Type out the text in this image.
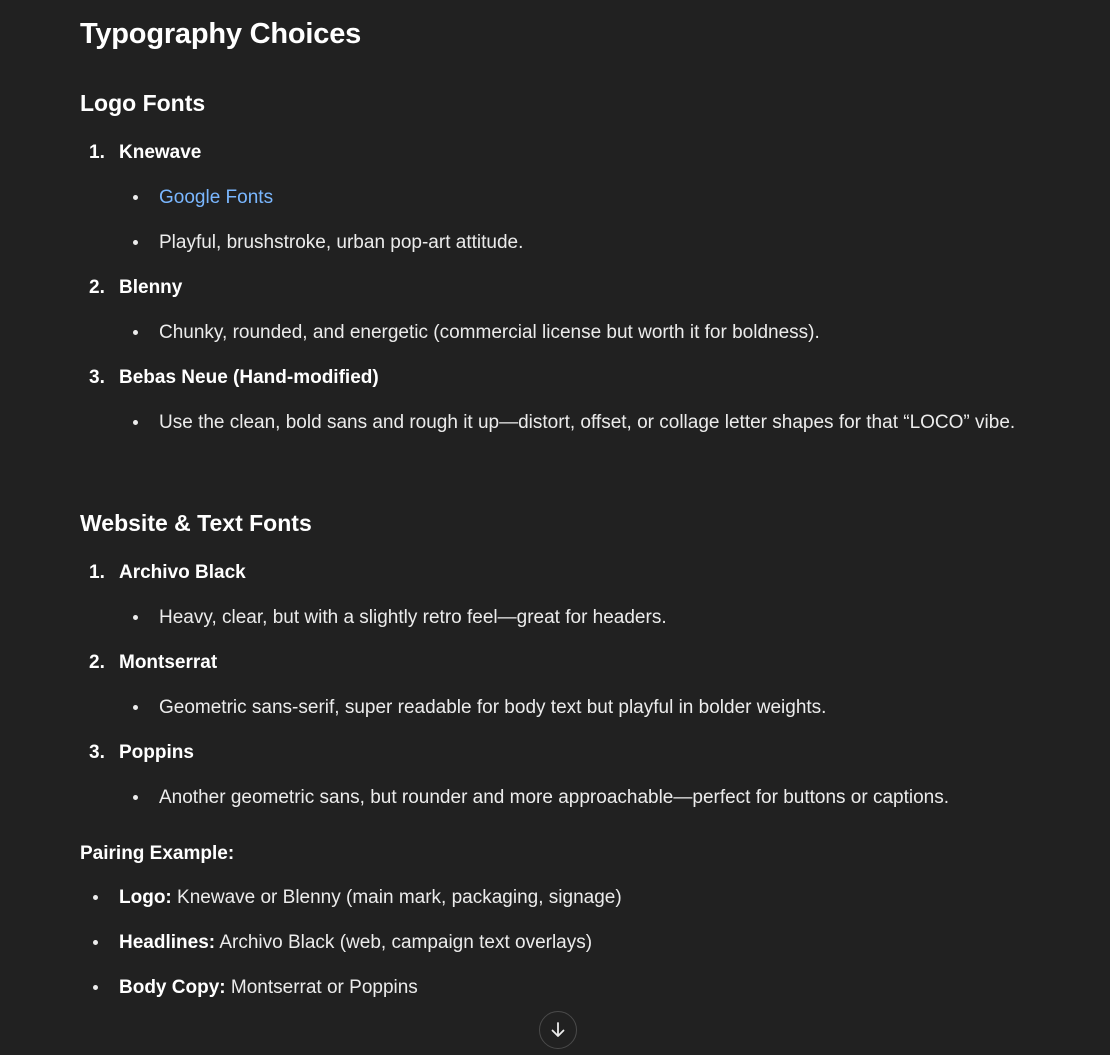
Typography Choices
Logo Fonts
1. Knewave
Google Fonts
Playful, brushstroke, urban pop-art attitude.
2. Blenny
Chunky, rounded, and energetic (commercial license but worth it for boldness).
3. Bebas Neue (Hand-modified)
Use the clean, bold sans and rough it up—distort, offset, or collage letter shapes for that “LOCO” vibe.
Website & Text Fonts
1. Archivo Black
Heavy, clear, but with a slightly retro feel—great for headers.
2. Montserrat
Geometric sans-serif, super readable for body text but playful in bolder weights.
3. Poppins
Another geometric sans, but rounder and more approachable—perfect for buttons or captions.
Pairing Example:
Logo: Knewave or Blenny (main mark, packaging, signage)
Headlines: Archivo Black (web, campaign text overlays)
Body Copy: Montserrat or Poppins
